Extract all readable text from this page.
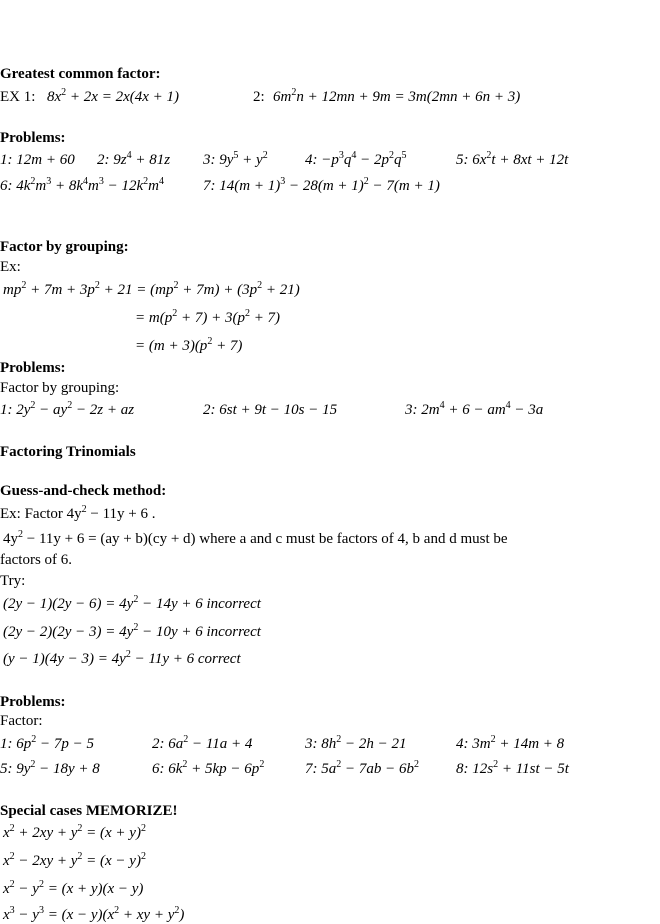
Greatest common factor:
EX 1: $8x^2 + 2x = 2x(4x + 1)$	2: $6m^2n + 12mn + 9m = 3m(2mn + 6n + 3)$
Problems:
1: 12m + 60 2: $9z^4 + 81z$ 3: $9y^5 + y^2$ 4: $-p^3q^4 - 2p^2q^5$	5: $6x^2t + 8xt + 12t$
6: $4k^2m^3 + 8k^4m^3 - 12k^2m^4$	7: $14(m + 1)^3 - 28(m + 1)^2 - 7(m + 1)$
Factor by grouping:
Ex:
$mp^2 + 7m + 3p^2 + 21 = (mp^2 + 7m) + (3p^2 + 21)$
= $m(p^2 + 7) + 3(p^2 + 7)$
= $(m + 3)(p^2 + 7)$
Problems:
Factor by grouping:
1: $2y^2 - ay^2 - 2z$ + az	2: 6st + 9t − 10s − 15	3: $2m^4 + 6 - am^4 - 3a$
Factoring Trinomials
Guess-and-check method:
Ex: Factor $4y^2 - 11y + 6$ .
$4y^2 - 11y + 6 = (ay + b)(cy + d)$ where a and c must be factors of 4, b and d must be
factors of 6.
Try:
$(2y - 1)(2y - 6) = 4y^2 - 14y + 6$ incorrect
$(2y - 2)(2y - 3) = 4y^2 - 10y + 6$ incorrect
$(y - 1)(4y - 3) = 4y^2 - 11y + 6$ correct
Problems:
Factor:
1: $6p^2 - 7p - 5$	2: $6a^2 - 11a + 4$	3: $8h^2 - 2h - 21$	4: $3m^2 + 14m + 8$
5: $9y^2 - 18y + 8$	6: $6k^2 + 5kp - 6p^2$	7: $5a^2 - 7ab - 6b^2$ 8: $12s^2 + 11st - 5t$
Special cases MEMORIZE!
$x^2 + 2xy + y^2 = (x + y)^2$
$x^2 - 2xy + y^2 = (x - y)^2$
$x^2 - y^2 = (x + y)(x - y)$
$x^3 - y^3 = (x - y)(x^2$ + xy + $y^2$)
